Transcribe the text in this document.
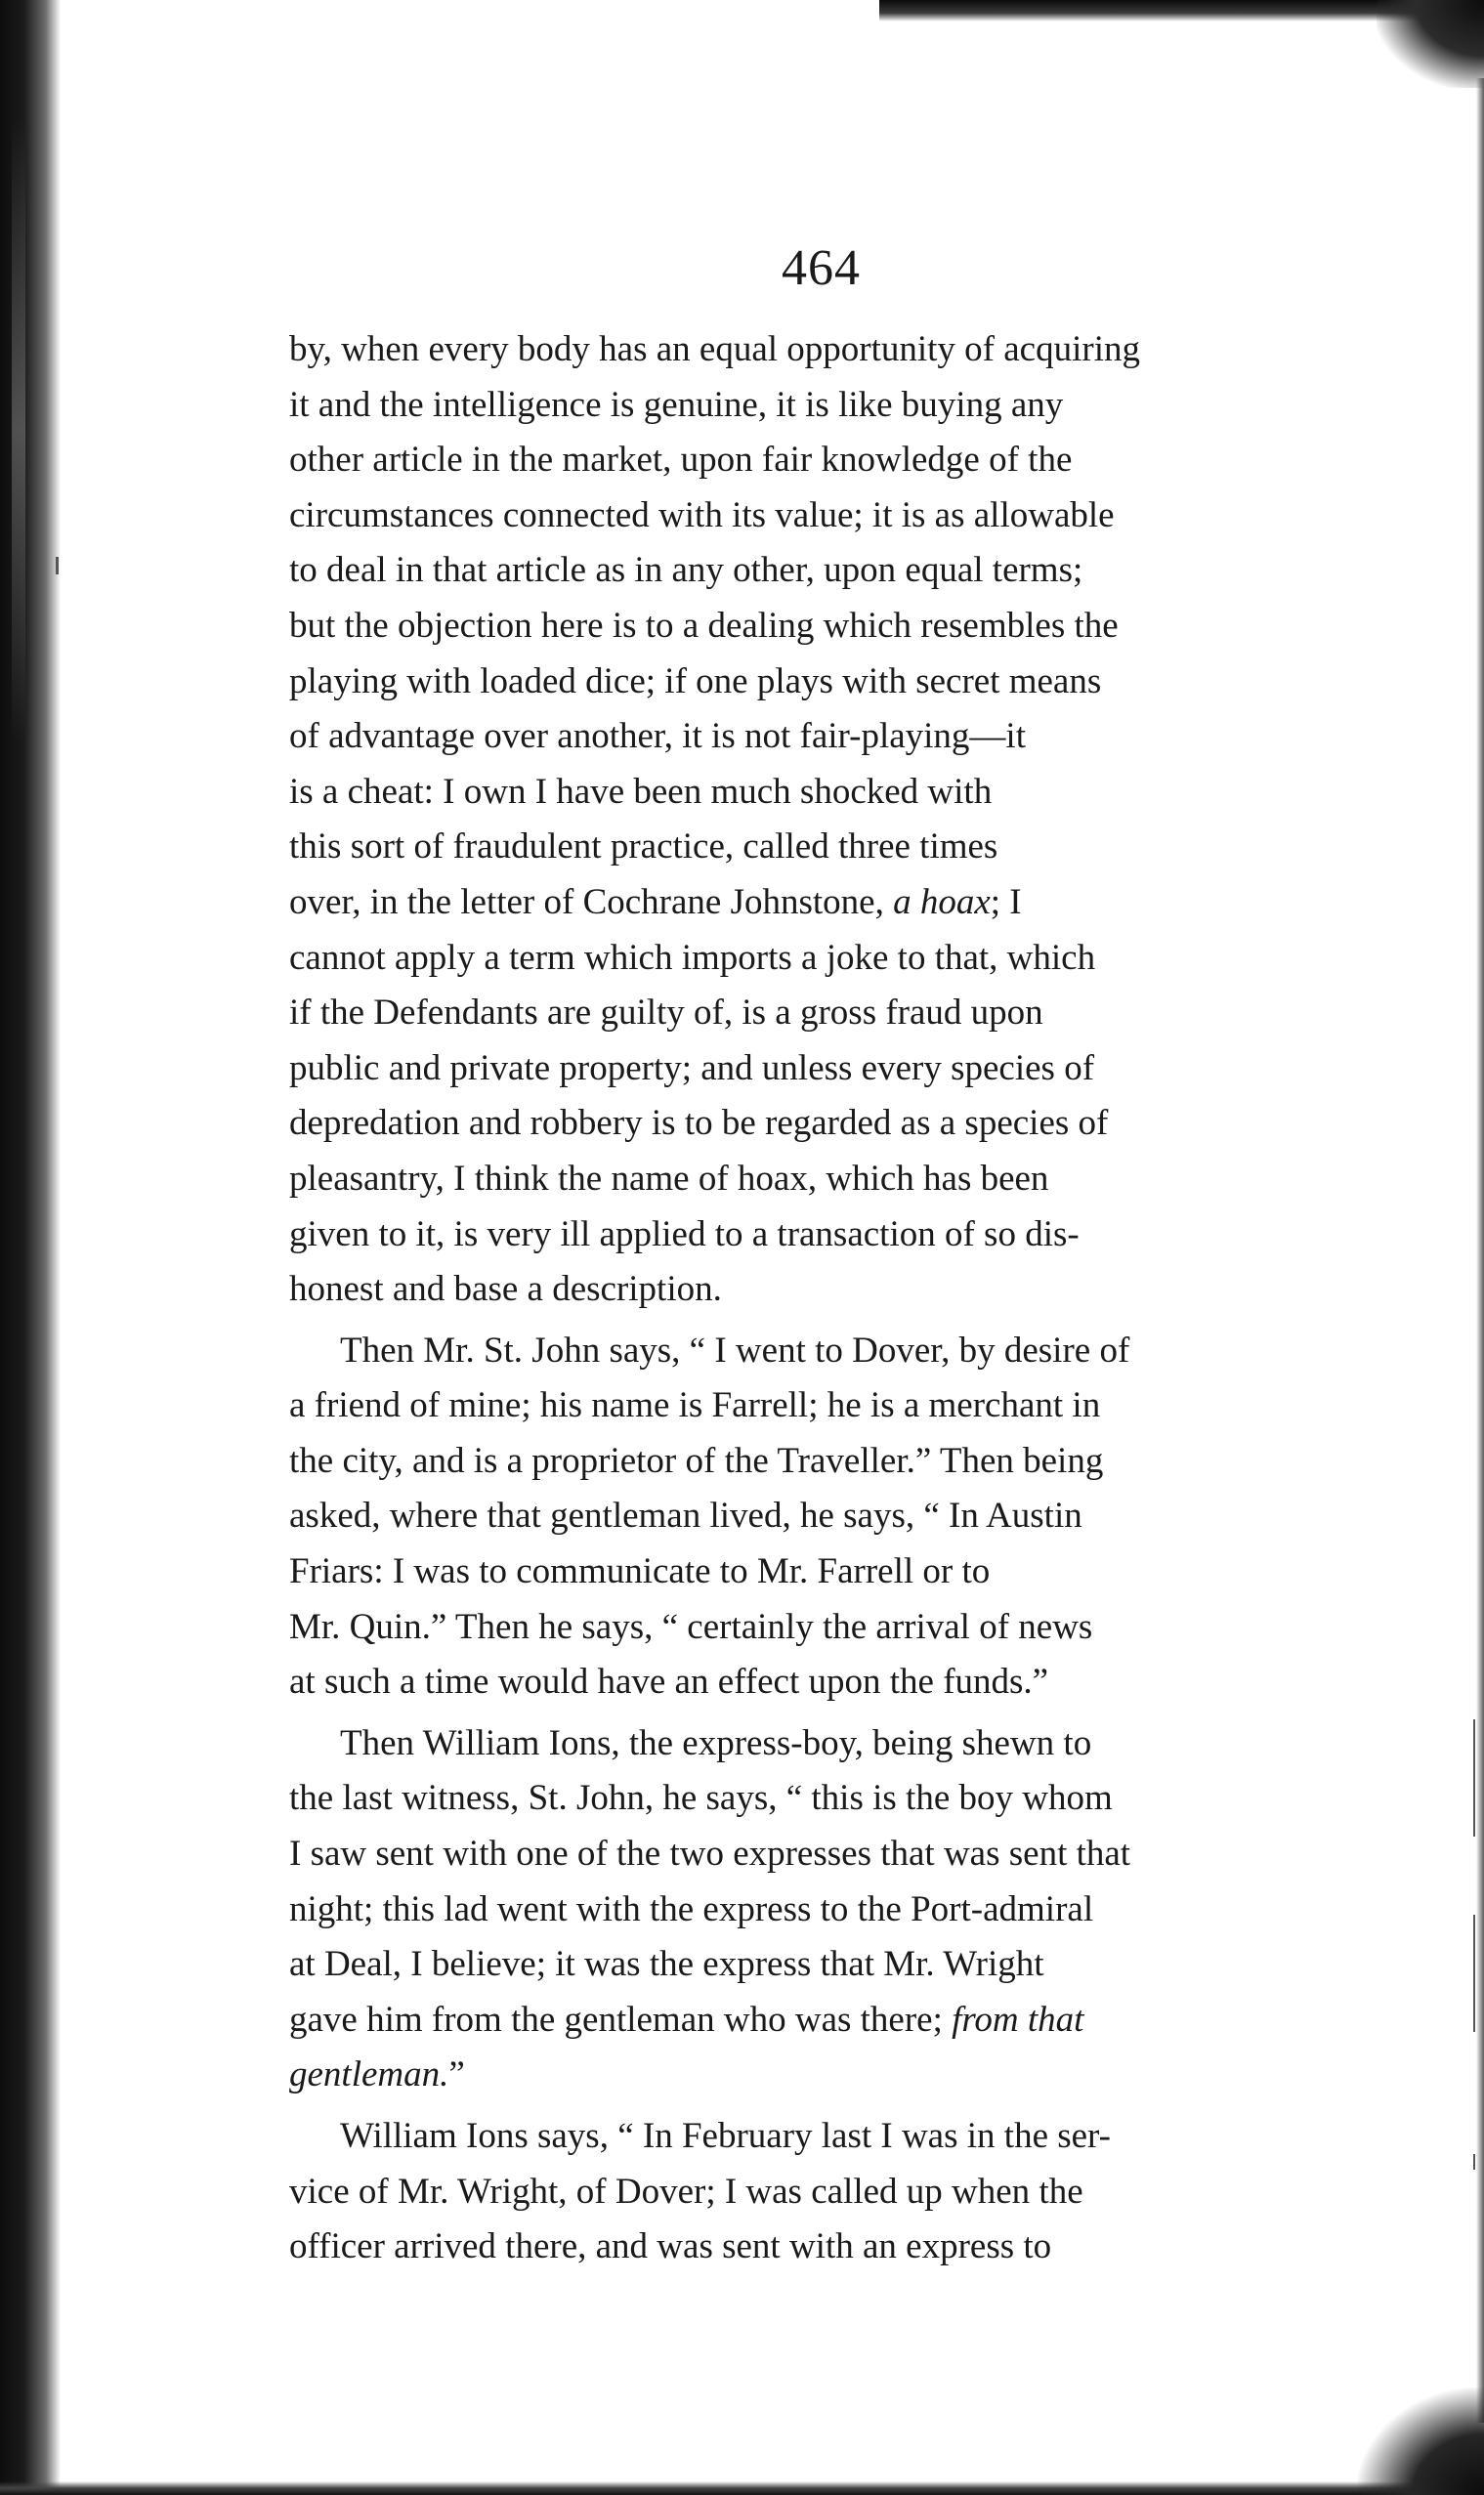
464

by, when every body has an equal opportunity of acquiring
it and the intelligence is genuine, it is like buying any
other article in the market, upon fair knowledge of the
circumstances connected with its value; it is as allowable
to deal in that article as in any other, upon equal terms;
but the objection here is to a dealing which resembles the
playing with loaded dice; if one plays with secret means
of advantage over another, it is not fair-playing—it
is a cheat: I own I have been much shocked with
this sort of fraudulent practice, called three times
over, in the letter of Cochrane Johnstone, a hoax; I
cannot apply a term which imports a joke to that, which
if the Defendants are guilty of, is a gross fraud upon
public and private property; and unless every species of
depredation and robbery is to be regarded as a species of
pleasantry, I think the name of hoax, which has been
given to it, is very ill applied to a transaction of so dis-
honest and base a description.

Then Mr. St. John says, “ I went to Dover, by desire of
a friend of mine; his name is Farrell; he is a merchant in
the city, and is a proprietor of the Traveller.” Then being
asked, where that gentleman lived, he says, “ In Austin
Friars: I was to communicate to Mr. Farrell or to
Mr. Quin.” Then he says, “ certainly the arrival of news
at such a time would have an effect upon the funds.”

Then William Ions, the express-boy, being shewn to
the last witness, St. John, he says, “ this is the boy whom
I saw sent with one of the two expresses that was sent that
night; this lad went with the express to the Port-admiral
at Deal, I believe; it was the express that Mr. Wright
gave him from the gentleman who was there; from that
gentleman.”

William Ions says, “ In February last I was in the ser-
vice of Mr. Wright, of Dover; I was called up when the
officer arrived there, and was sent with an express to
